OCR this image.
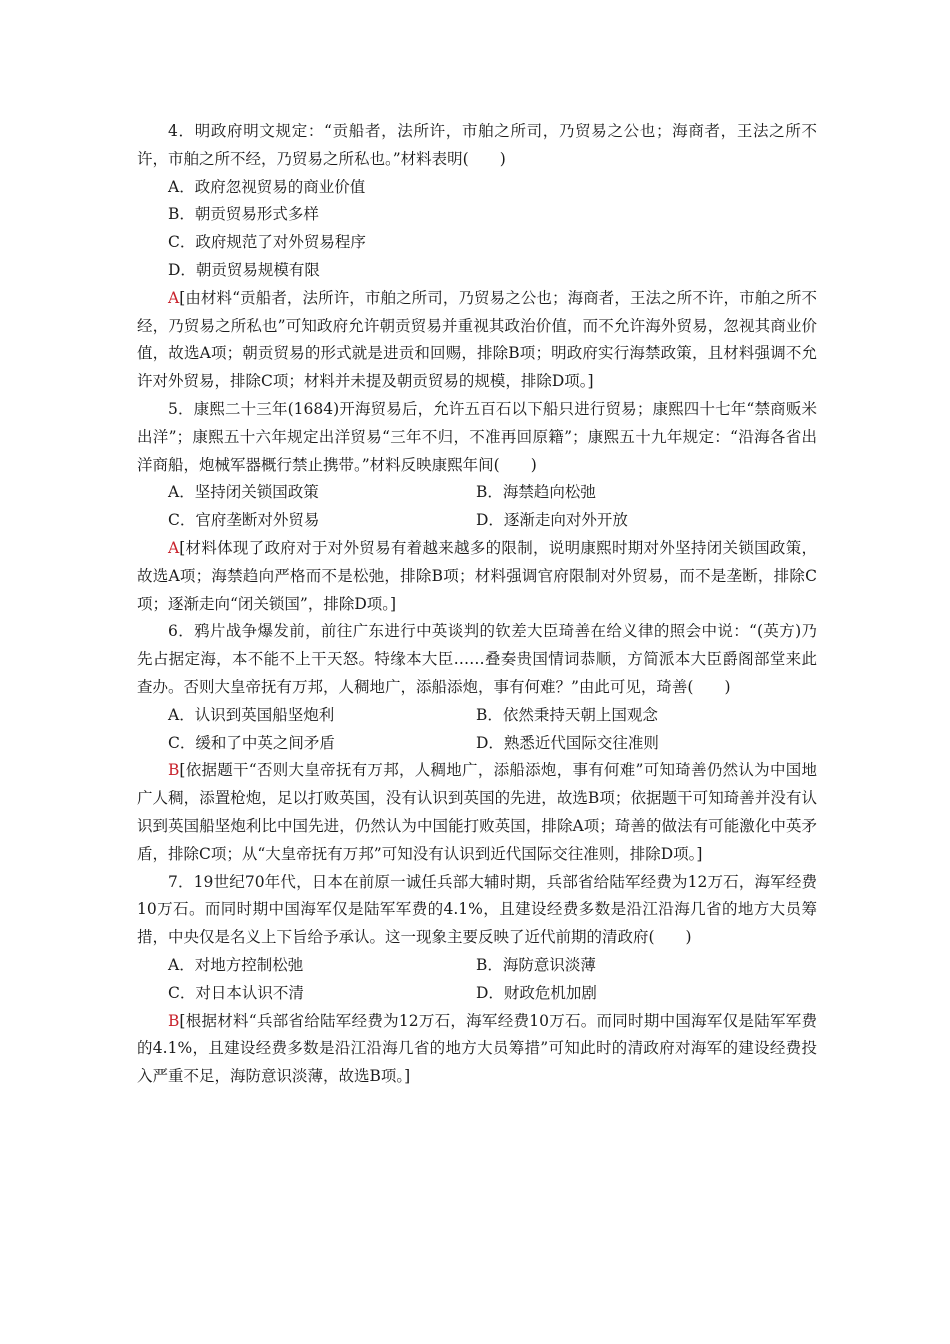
4．明政府明文规定：“贡船者，法所许，市舶之所司，乃贸易之公也；海商者，王法之所不许，市舶之所不经，乃贸易之所私也。”材料表明(　　)

A．政府忽视贸易的商业价值

B．朝贡贸易形式多样

C．政府规范了对外贸易程序

D．朝贡贸易规模有限

A[由材料“贡船者，法所许，市舶之所司，乃贸易之公也；海商者，王法之所不许，市舶之所不经，乃贸易之所私也”可知政府允许朝贡贸易并重视其政治价值，而不允许海外贸易，忽视其商业价值，故选A项；朝贡贸易的形式就是进贡和回赐，排除B项；明政府实行海禁政策，且材料强调不允许对外贸易，排除C项；材料并未提及朝贡贸易的规模，排除D项。]

5．康熙二十三年(1684)开海贸易后，允许五百石以下船只进行贸易；康熙四十七年“禁商贩米出洋”；康熙五十六年规定出洋贸易“三年不归，不准再回原籍”；康熙五十九年规定：“沿海各省出洋商船，炮械军器概行禁止携带。”材料反映康熙年间(　　)

A．坚持闭关锁国政策	B．海禁趋向松弛
C．官府垄断对外贸易	D．逐渐走向对外开放

A[材料体现了政府对于对外贸易有着越来越多的限制，说明康熙时期对外坚持闭关锁国政策，故选A项；海禁趋向严格而不是松弛，排除B项；材料强调官府限制对外贸易，而不是垄断，排除C项；逐渐走向“闭关锁国”，排除D项。]

6．鸦片战争爆发前，前往广东进行中英谈判的钦差大臣琦善在给义律的照会中说：“(英方)乃先占据定海，本不能不上干天怒。特缘本大臣……叠奏贵国情词恭顺，方简派本大臣爵阁部堂来此查办。否则大皇帝抚有万邦，人稠地广，添船添炮，事有何难？”由此可见，琦善(　　)

A．认识到英国船坚炮利	B．依然秉持天朝上国观念
C．缓和了中英之间矛盾	D．熟悉近代国际交往准则

B[依据题干“否则大皇帝抚有万邦，人稠地广，添船添炮，事有何难”可知琦善仍然认为中国地广人稠，添置枪炮，足以打败英国，没有认识到英国的先进，故选B项；依据题干可知琦善并没有认识到英国船坚炮利比中国先进，仍然认为中国能打败英国，排除A项；琦善的做法有可能激化中英矛盾，排除C项；从“大皇帝抚有万邦”可知没有认识到近代国际交往准则，排除D项。]

7．19世纪70年代，日本在前原一诚任兵部大辅时期，兵部省给陆军经费为12万石，海军经费10万石。而同时期中国海军仅是陆军军费的4.1%，且建设经费多数是沿江沿海几省的地方大员筹措，中央仅是名义上下旨给予承认。这一现象主要反映了近代前期的清政府(　　)

A．对地方控制松弛	B．海防意识淡薄
C．对日本认识不清	D．财政危机加剧

B[根据材料“兵部省给陆军经费为12万石，海军经费10万石。而同时期中国海军仅是陆军军费的4.1%，且建设经费多数是沿江沿海几省的地方大员筹措”可知此时的清政府对海军的建设经费投入严重不足，海防意识淡薄，故选B项。]
